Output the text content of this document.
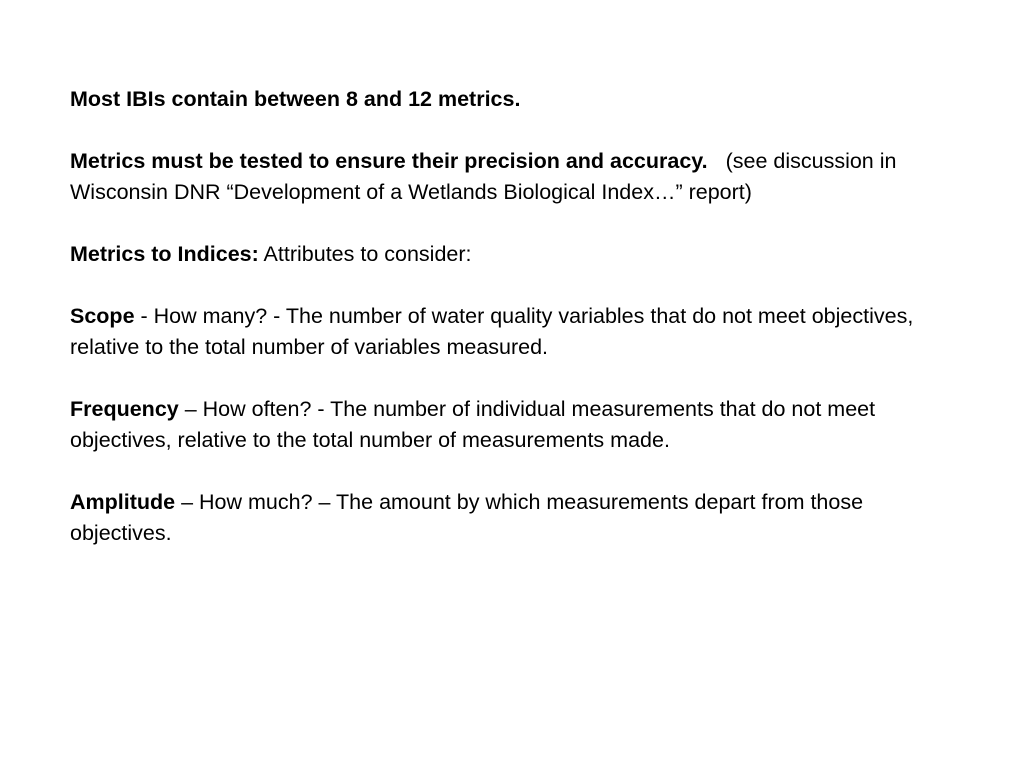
Most IBIs contain between 8 and 12 metrics.

Metrics must be tested to ensure their precision and accuracy.   (see discussion in Wisconsin DNR “Development of a Wetlands Biological Index…” report)

Metrics to Indices: Attributes to consider:

Scope - How many? - The number of water quality variables that do not meet objectives, relative to the total number of variables measured.

Frequency – How often? - The number of individual measurements that do not meet objectives, relative to the total number of measurements made.

Amplitude – How much? – The amount by which measurements depart from those objectives.
